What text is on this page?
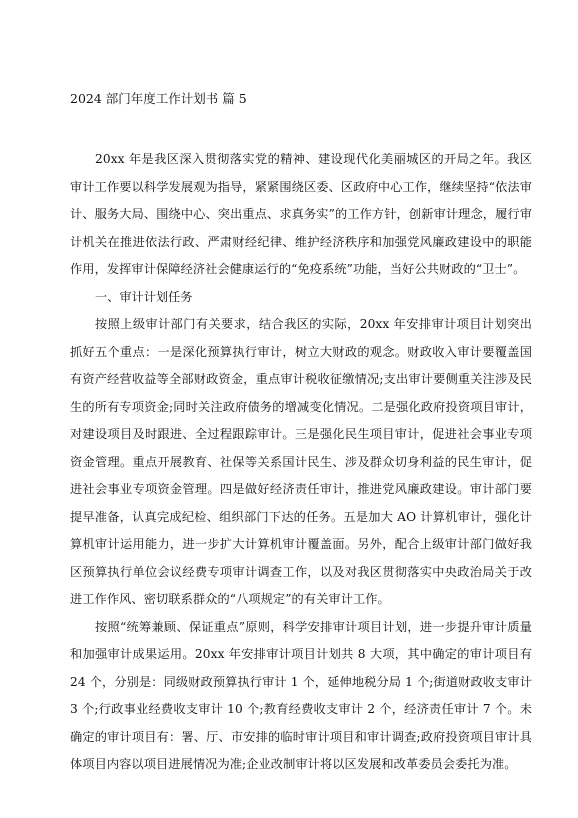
2024 部门年度工作计划书 篇 5

20xx 年是我区深入贯彻落实党的精神、建设现代化美丽城区的开局之年。我区审计工作要以科学发展观为指导，紧紧围绕区委、区政府中心工作，继续坚持“依法审计、服务大局、围绕中心、突出重点、求真务实”的工作方针，创新审计理念，履行审计机关在推进依法行政、严肃财经纪律、维护经济秩序和加强党风廉政建设中的职能作用，发挥审计保障经济社会健康运行的“免疫系统”功能，当好公共财政的“卫士”。

一、审计计划任务

按照上级审计部门有关要求，结合我区的实际，20xx 年安排审计项目计划突出抓好五个重点：一是深化预算执行审计，树立大财政的观念。财政收入审计要覆盖国有资产经营收益等全部财政资金，重点审计税收征缴情况;支出审计要侧重关注涉及民生的所有专项资金;同时关注政府债务的增减变化情况。二是强化政府投资项目审计，对建设项目及时跟进、全过程跟踪审计。三是强化民生项目审计，促进社会事业专项资金管理。重点开展教育、社保等关系国计民生、涉及群众切身利益的民生审计，促进社会事业专项资金管理。四是做好经济责任审计，推进党风廉政建设。审计部门要提早准备，认真完成纪检、组织部门下达的任务。五是加大 AO 计算机审计，强化计算机审计运用能力，进一步扩大计算机审计覆盖面。另外，配合上级审计部门做好我区预算执行单位会议经费专项审计调查工作，以及对我区贯彻落实中央政治局关于改进工作作风、密切联系群众的“八项规定”的有关审计工作。

按照“统筹兼顾、保证重点”原则，科学安排审计项目计划，进一步提升审计质量和加强审计成果运用。20xx 年安排审计项目计划共 8 大项，其中确定的审计项目有 24 个，分别是：同级财政预算执行审计 1 个，延伸地税分局 1 个;街道财政收支审计 3 个;行政事业经费收支审计 10 个;教育经费收支审计 2 个，经济责任审计 7 个。未确定的审计项目有：署、厅、市安排的临时审计项目和审计调查;政府投资项目审计具体项目内容以项目进展情况为准;企业改制审计将以区发展和改革委员会委托为准。
